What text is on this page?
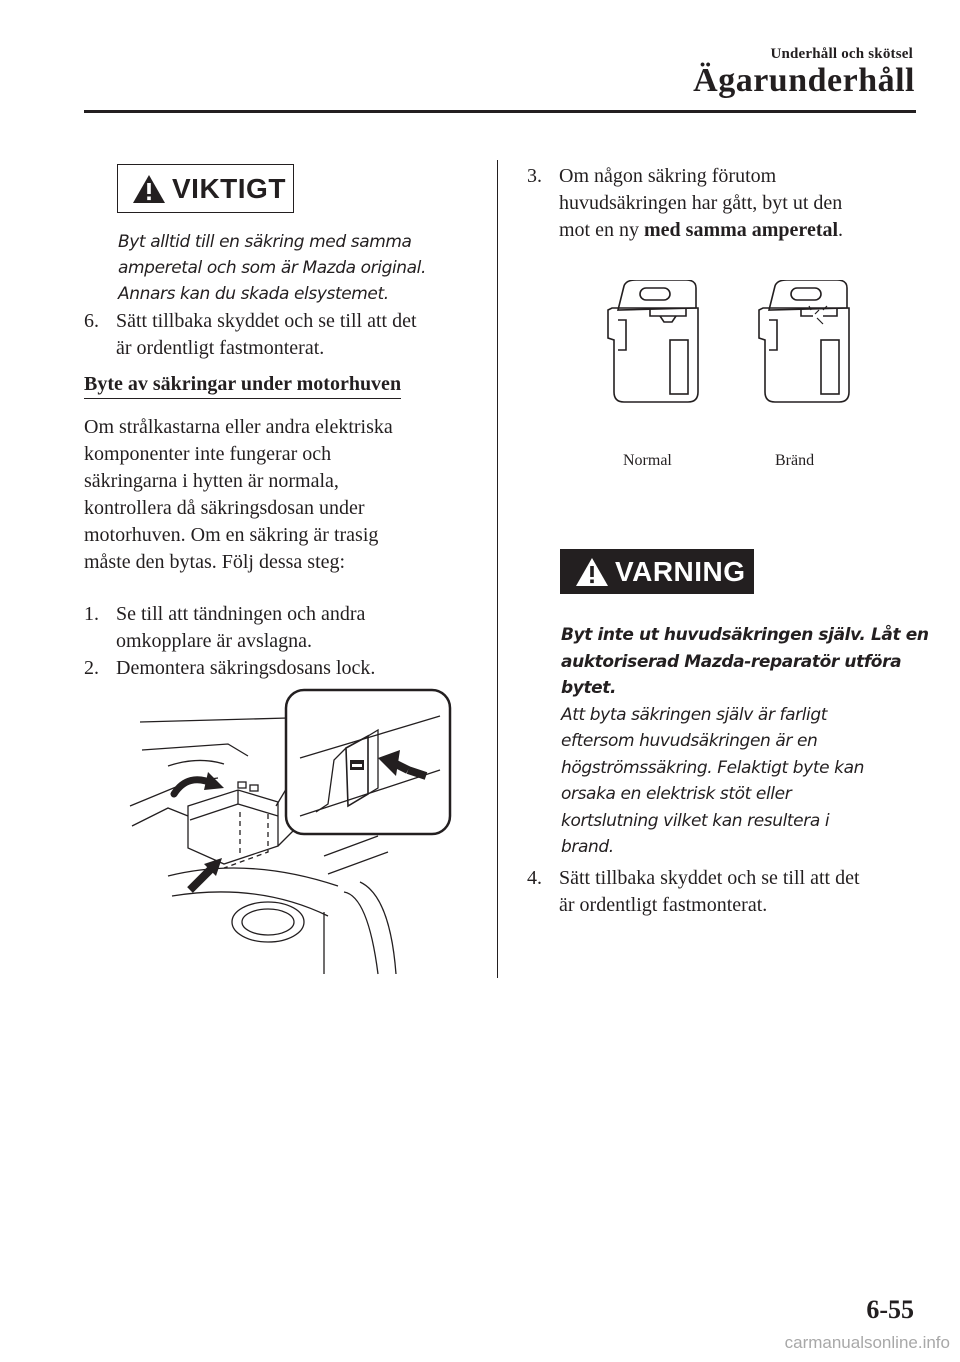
Underhåll och skötsel
Ägarunderhåll
VIKTIGT
Byt alltid till en säkring med samma
amperetal och som är Mazda original.
Annars kan du skada elsystemet.
6. Sätt tillbaka skyddet och se till att det
är ordentligt fastmonterat.
Byte av säkringar under motorhuven
Om strålkastarna eller andra elektriska
komponenter inte fungerar och
säkringarna i hytten är normala,
kontrollera då säkringsdosan under
motorhuven. Om en säkring är trasig
måste den bytas. Följ dessa steg:
1. Se till att tändningen och andra
omkopplare är avslagna.
2. Demontera säkringsdosans lock.
3. Om någon säkring förutom
huvudsäkringen har gått, byt ut den
mot en ny med samma amperetal.
Normal	Bränd
VARNING
Byt inte ut huvudsäkringen själv. Låt en
auktoriserad Mazda-reparatör utföra
bytet.
Att byta säkringen själv är farligt
eftersom huvudsäkringen är en
högströmssäkring. Felaktigt byte kan
orsaka en elektrisk stöt eller
kortslutning vilket kan resultera i
brand.
4. Sätt tillbaka skyddet och se till att det
är ordentligt fastmonterat.
6-55
carmanualsonline.info
